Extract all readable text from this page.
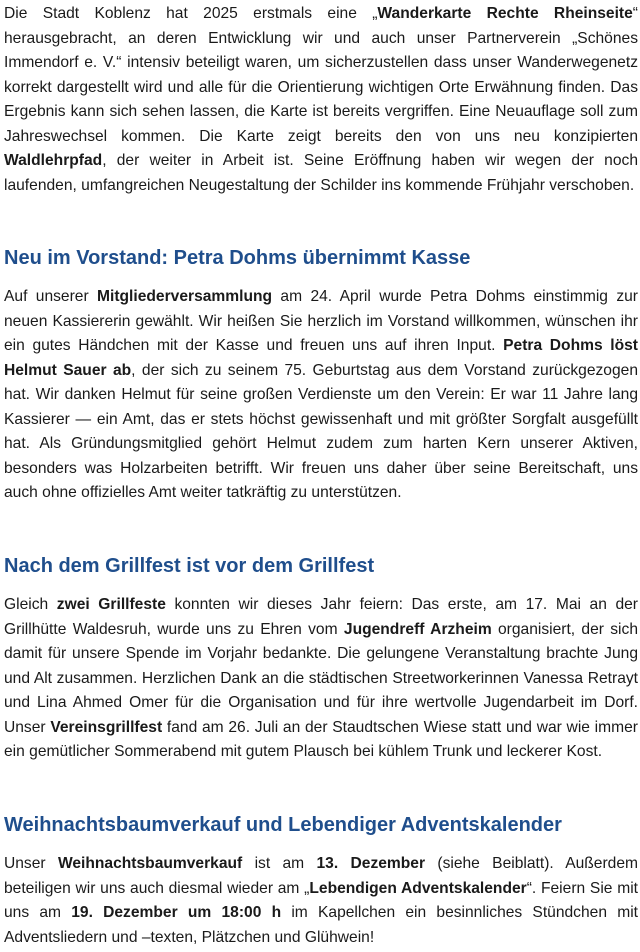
Die Stadt Koblenz hat 2025 erstmals eine „Wanderkarte Rechte Rheinseite“ herausgebracht, an deren Entwicklung wir und auch unser Partnerverein „Schönes Immendorf e. V.“ intensiv beteiligt waren, um sicherzustellen dass unser Wanderwegenetz korrekt dargestellt wird und alle für die Orientierung wichtigen Orte Erwähnung finden. Das Ergebnis kann sich sehen lassen, die Karte ist bereits vergriffen. Eine Neuauflage soll zum Jahreswechsel kommen. Die Karte zeigt bereits den von uns neu konzipierten Waldlehrpfad, der weiter in Arbeit ist. Seine Eröffnung haben wir wegen der noch laufenden, umfangreichen Neugestaltung der Schilder ins kommende Frühjahr verschoben.

Neu im Vorstand: Petra Dohms übernimmt Kasse

Auf unserer Mitgliederversammlung am 24. April wurde Petra Dohms einstimmig zur neuen Kassiererin gewählt. Wir heißen Sie herzlich im Vorstand willkommen, wünschen ihr ein gutes Händchen mit der Kasse und freuen uns auf ihren Input. Petra Dohms löst Helmut Sauer ab, der sich zu seinem 75. Geburtstag aus dem Vorstand zurückgezogen hat. Wir danken Helmut für seine großen Verdienste um den Verein: Er war 11 Jahre lang Kassierer — ein Amt, das er stets höchst gewissenhaft und mit größter Sorgfalt ausgefüllt hat. Als Gründungsmitglied gehört Helmut zudem zum harten Kern unserer Aktiven, besonders was Holzarbeiten betrifft. Wir freuen uns daher über seine Bereitschaft, uns auch ohne offizielles Amt weiter tatkräftig zu unterstützen.

Nach dem Grillfest ist vor dem Grillfest

Gleich zwei Grillfeste konnten wir dieses Jahr feiern: Das erste, am 17. Mai an der Grillhütte Waldesruh, wurde uns zu Ehren vom Jugendreff Arzheim organisiert, der sich damit für unsere Spende im Vorjahr bedankte. Die gelungene Veranstaltung brachte Jung und Alt zusammen. Herzlichen Dank an die städtischen Streetworkerinnen Vanessa Retrayt und Lina Ahmed Omer für die Organisation und für ihre wertvolle Jugendarbeit im Dorf. Unser Vereinsgrillfest fand am 26. Juli an der Staudtschen Wiese statt und war wie immer ein gemütlicher Sommerabend mit gutem Plausch bei kühlem Trunk und leckerer Kost.

Weihnachtsbaumverkauf und Lebendiger Adventskalender

Unser Weihnachtsbaumverkauf ist am 13. Dezember (siehe Beiblatt). Außerdem beteiligen wir uns auch diesmal wieder am „Lebendigen Adventskalender“. Feiern Sie mit uns am 19. Dezember um 18:00 h im Kapellchen ein besinnliches Stündchen mit Adventsliedern und –texten, Plätzchen und Glühwein!
